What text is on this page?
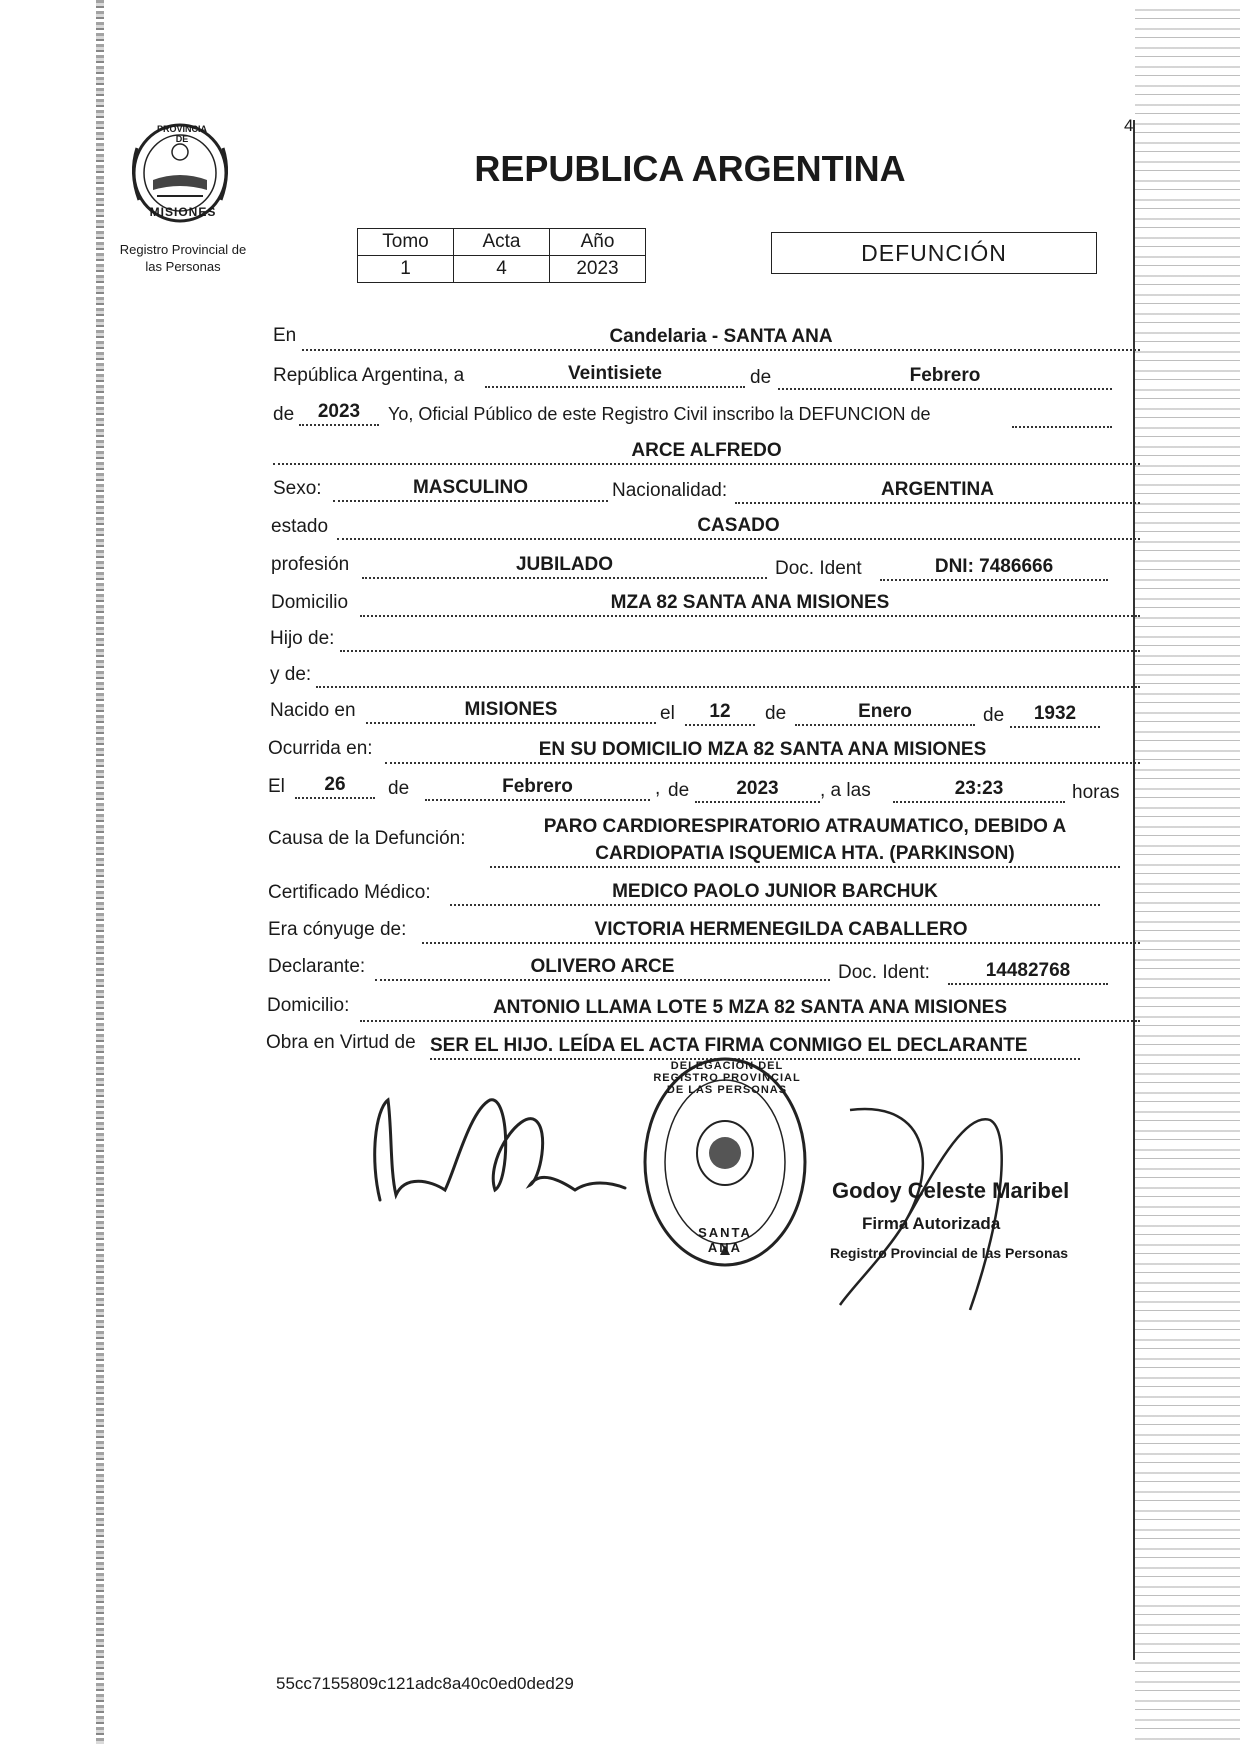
PROVINCIA DE
MISIONES
Registro Provincial de
las Personas
REPUBLICA ARGENTINA
4
Tomo	Acta	Año
1	4	2023
DEFUNCIÓN
En	Candelaria - SANTA ANA
República Argentina, a	Veintisiete	de	Febrero
de	2023	Yo, Oficial Público de este Registro Civil inscribo la DEFUNCION de
ARCE ALFREDO
Sexo:	MASCULINO	Nacionalidad:	ARGENTINA
estado	CASADO
profesión	JUBILADO	Doc. Ident	DNI: 7486666
Domicilio	MZA 82 SANTA ANA MISIONES
Hijo de:
y de:
Nacido en	MISIONES	el	12	de	Enero	de	1932
Ocurrida en:	EN SU DOMICILIO MZA 82 SANTA ANA MISIONES
El	26	de	Febrero	, de	2023	, a las	23:23	horas
Causa de la Defunción:
PARO CARDIORESPIRATORIO ATRAUMATICO, DEBIDO A
CARDIOPATIA ISQUEMICA HTA. (PARKINSON)
Certificado Médico:	MEDICO PAOLO JUNIOR BARCHUK
Era cónyuge de:	VICTORIA HERMENEGILDA CABALLERO
Declarante:	OLIVERO ARCE	Doc. Ident:	14482768
Domicilio:	ANTONIO LLAMA LOTE 5 MZA 82 SANTA ANA MISIONES
Obra en Virtud de SER EL HIJO. LEÍDA EL ACTA FIRMA CONMIGO EL DECLARANTE
DELEGACION DEL REGISTRO PROVINCIAL DE LAS PERSONAS
SANTA ANA
Godoy Celeste Maribel
Firma Autorizada
Registro Provincial de las Personas
55cc7155809c121adc8a40c0ed0ded29
